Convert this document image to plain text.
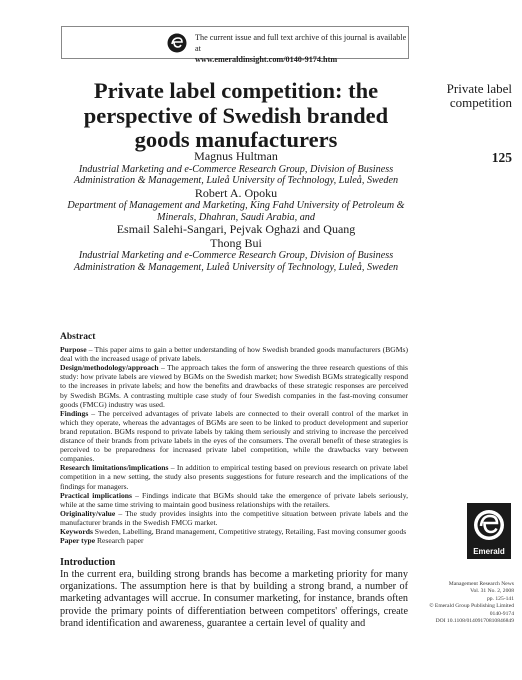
The current issue and full text archive of this journal is available at
www.emeraldinsight.com/0140-9174.htm
Private label competition
125
Private label competition: the perspective of Swedish branded goods manufacturers
Magnus Hultman
Industrial Marketing and e-Commerce Research Group, Division of Business Administration & Management, Luleå University of Technology, Luleå, Sweden
Robert A. Opoku
Department of Management and Marketing, King Fahd University of Petroleum & Minerals, Dhahran, Saudi Arabia, and
Esmail Salehi-Sangari, Pejvak Oghazi and Quang Thong Bui
Industrial Marketing and e-Commerce Research Group, Division of Business Administration & Management, Luleå University of Technology, Luleå, Sweden
Abstract

Purpose – This paper aims to gain a better understanding of how Swedish branded goods manufacturers (BGMs) deal with the increased usage of private labels.

Design/methodology/approach – The approach takes the form of answering the three research questions of this study: how private labels are viewed by BGMs on the Swedish market; how Swedish BGMs strategically respond to the increases in private labels; and how the benefits and drawbacks of these strategic responses are perceived by Swedish BGMs. A contrasting multiple case study of four Swedish companies in the fast-moving consumer goods (FMCG) industry was used.

Findings – The perceived advantages of private labels are connected to their overall control of the market in which they operate, whereas the advantages of BGMs are seen to be linked to product development and superior brand reputation. BGMs respond to private labels by taking them seriously and striving to increase the perceived distance of their brands from private labels in the eyes of the consumers. The overall benefit of these strategies is perceived to be preparedness for increased private label competition, while the drawbacks vary between companies.

Research limitations/implications – In addition to empirical testing based on previous research on private label competition in a new setting, the study also presents suggestions for future research and the implications of the findings for managers.

Practical implications – Findings indicate that BGMs should take the emergence of private labels seriously, while at the same time striving to maintain good business relationships with the retailers.

Originality/value – The study provides insights into the competitive situation between private labels and the manufacturer brands in the Swedish FMCG market.

Keywords Sweden, Labelling, Brand management, Competitive strategy, Retailing, Fast moving consumer goods

Paper type Research paper

Emerald
Management Research News
Vol. 31 No. 2, 2008
pp. 125-141
© Emerald Group Publishing Limited
0140-9174
DOI 10.1108/01409170810846849
Introduction

In the current era, building strong brands has become a marketing priority for many organizations. The assumption here is that by building a strong brand, a number of marketing advantages will accrue. In consumer marketing, for instance, brands often provide the primary points of differentiation between competitors' offerings, create brand identification and awareness, guarantee a certain level of quality and
